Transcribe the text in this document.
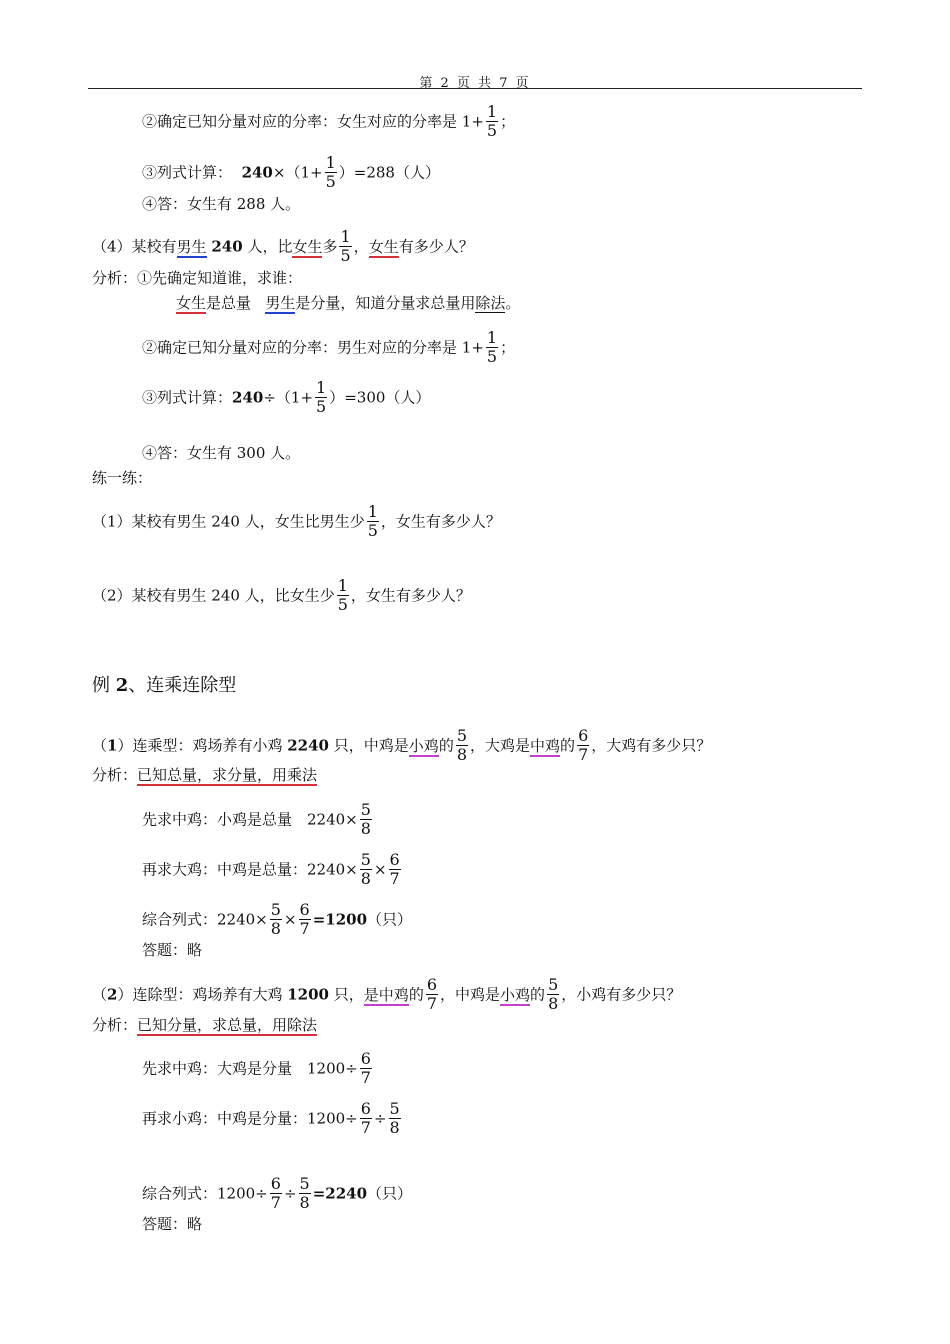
第 2 页 共 7 页
②确定已知分量对应的分率：女生对应的分率是 $1+ \frac{1}{5}$ ；
③列式计算： $240\times(1+ \frac{1}{5} )=288$（人）
④答：女生有 288 人。
（4）某校有男生 240 人，比女生多 $\frac{1}{5}$ ，女生有多少人？
分析：①先确定知道谁，求谁：
女生是总量 男生是分量，知道分量求总量用除法。
②确定已知分量对应的分率：男生对应的分率是 $1+ \frac{1}{5}$ ；
③列式计算：$240\div(1+ \frac{1}{5} )=300$（人）
④答：女生有 300 人。
练一练：
（1）某校有男生 240 人，女生比男生少 $\frac{1}{5}$ ，女生有多少人？
（2）某校有男生 240 人，比女生少 $\frac{1}{5}$ ，女生有多少人？
例 2、连乘连除型
（1）连乘型：鸡场养有小鸡 2240 只，中鸡是小鸡的 $\frac{5}{8}$ ，大鸡是中鸡的 $\frac{6}{7}$ ，大鸡有多少只？
分析：已知总量，求分量，用乘法
先求中鸡：小鸡是总量　$2240\times \frac{5}{8}$
再求大鸡：中鸡是总量：$2240\times \frac{5}{8} \times \frac{6}{7}$
综合列式：$2240\times \frac{5}{8} \times \frac{6}{7} =1200$（只）
答题：略
（2）连除型：鸡场养有大鸡 1200 只，是中鸡的 $\frac{6}{7}$ ，中鸡是小鸡的 $\frac{5}{8}$ ，小鸡有多少只？
分析：已知分量，求总量，用除法
先求中鸡：大鸡是分量　$1200\div \frac{6}{7}$
再求小鸡：中鸡是分量：$1200\div \frac{6}{7} \div \frac{5}{8}$
综合列式：$1200\div \frac{6}{7} \div \frac{5}{8} =2240$（只）
答题：略
